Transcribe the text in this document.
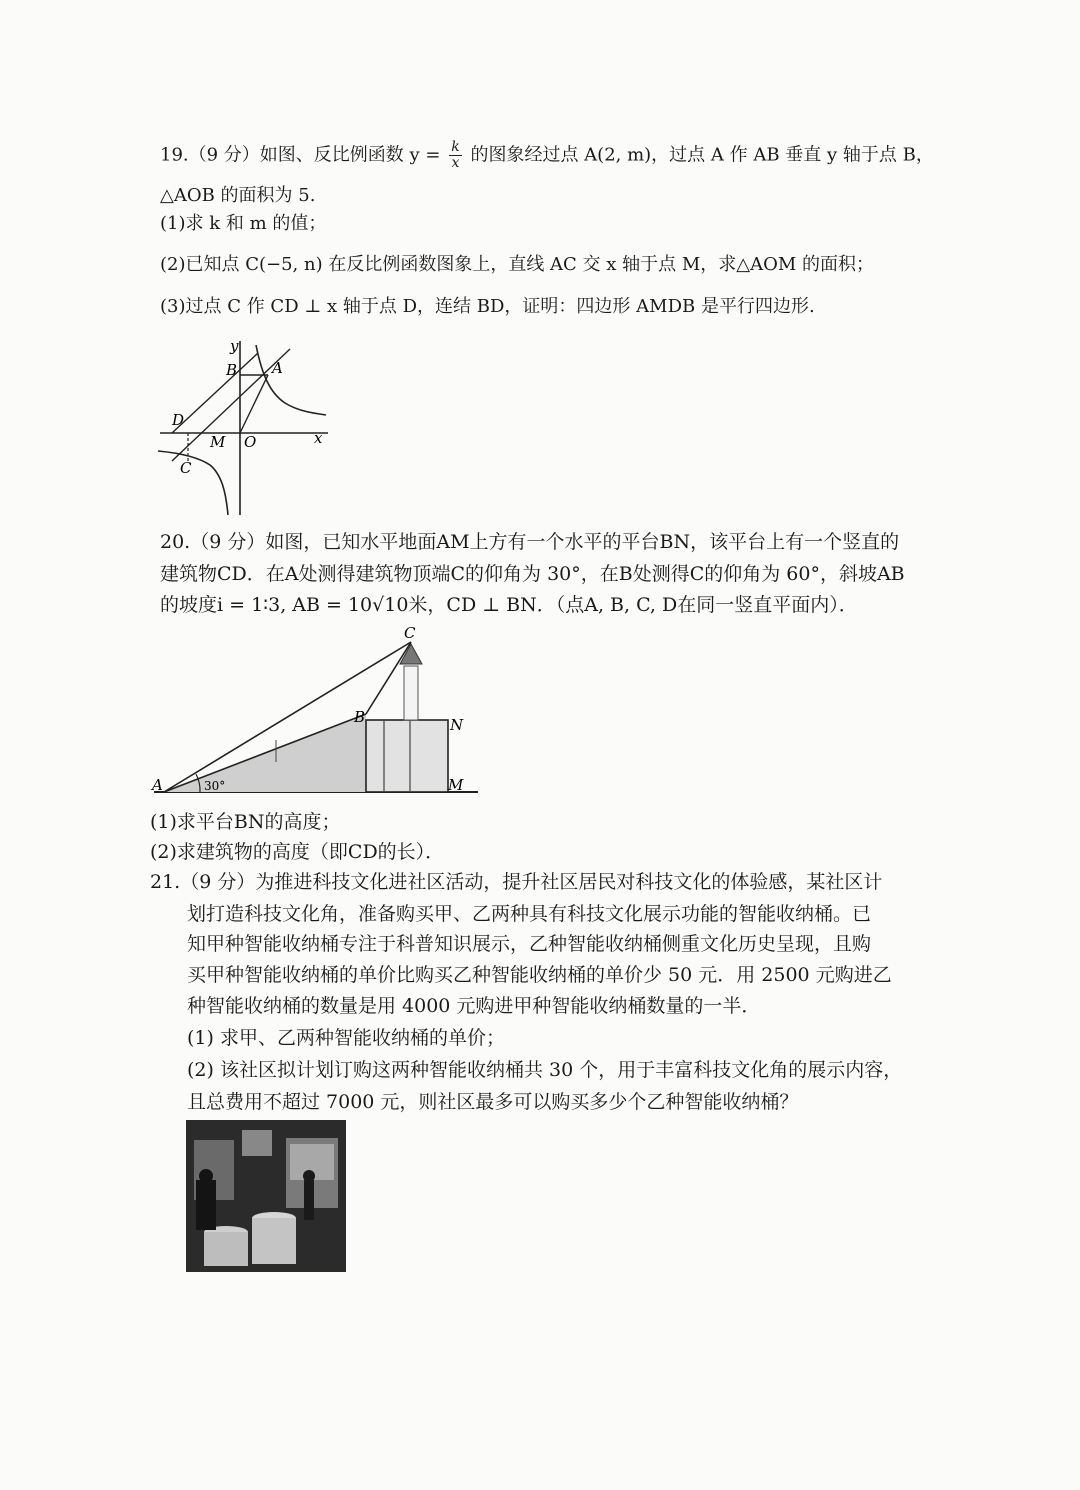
19.（9 分）如图、反比例函数 $y = \frac{k}{x}$ 的图象经过点 A(2, m)，过点 A 作 AB 垂直 y 轴于点 B，
△AOB 的面积为 5.
(1)求 k 和 m 的值；
(2)已知点 C(−5, n) 在反比例函数图象上，直线 AC 交 x 轴于点 M，求△AOM 的面积；
(3)过点 C 作 CD ⊥ x 轴于点 D，连结 BD，证明：四边形 AMDB 是平行四边形.
y
x
B A
D
M O
C
20.（9 分）如图，已知水平地面AM上方有一个水平的平台BN，该平台上有一个竖直的
建筑物CD．在A处测得建筑物顶端C的仰角为 30°，在B处测得C的仰角为 60°，斜坡AB
的坡度i = 1∶3, AB = 10√10米，CD ⊥ BN．（点A, B, C, D在同一竖直平面内）．
C
B	N
A	M
30°
(1)求平台BN的高度；
(2)求建筑物的高度（即CD的长）．
21.（9 分）为推进科技文化进社区活动，提升社区居民对科技文化的体验感，某社区计
划打造科技文化角，准备购买甲、乙两种具有科技文化展示功能的智能收纳桶。已
知甲种智能收纳桶专注于科普知识展示，乙种智能收纳桶侧重文化历史呈现，且购
买甲种智能收纳桶的单价比购买乙种智能收纳桶的单价少 50 元．用 2500 元购进乙
种智能收纳桶的数量是用 4000 元购进甲种智能收纳桶数量的一半．
(1) 求甲、乙两种智能收纳桶的单价；
(2) 该社区拟计划订购这两种智能收纳桶共 30 个，用于丰富科技文化角的展示内容，
且总费用不超过 7000 元，则社区最多可以购买多少个乙种智能收纳桶？
